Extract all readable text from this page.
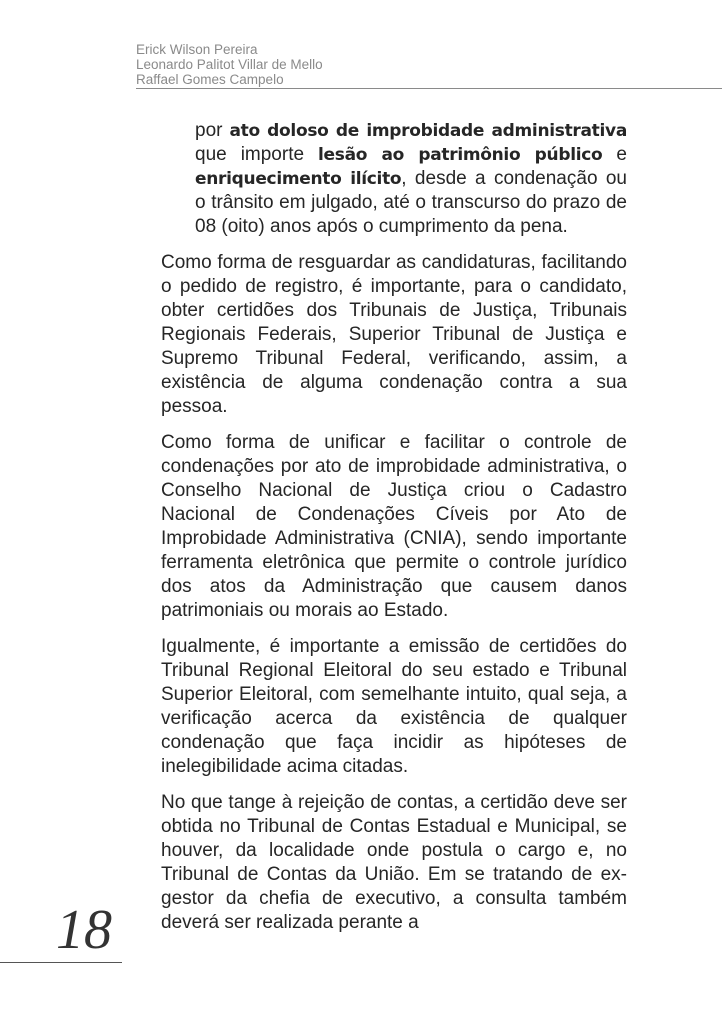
Erick Wilson Pereira
Leonardo Palitot Villar de Mello
Raffael Gomes Campelo

por ato doloso de improbidade administrativa que importe lesão ao patrimônio público e enriquecimento ilícito, desde a condenação ou o trânsito em julgado, até o transcurso do prazo de 08 (oito) anos após o cumprimento da pena.

Como forma de resguardar as candidaturas, facilitando o pedido de registro, é importante, para o candidato, obter certidões dos Tribunais de Justiça, Tribunais Regionais Federais, Superior Tribunal de Justiça e Supremo Tribunal Federal, verificando, assim, a existência de alguma condenação contra a sua pessoa.

Como forma de unificar e facilitar o controle de condenações por ato de improbidade administrativa, o Conselho Nacional de Justiça criou o Cadastro Nacional de Condenações Cíveis por Ato de Improbidade Administrativa (CNIA), sendo importante ferramenta eletrônica que permite o controle jurídico dos atos da Administração que causem danos patrimoniais ou morais ao Estado.

Igualmente, é importante a emissão de certidões do Tribunal Regional Eleitoral do seu estado e Tribunal Superior Eleitoral, com semelhante intuito, qual seja, a verificação acerca da existência de qualquer condenação que faça incidir as hipóteses de inelegibilidade acima citadas.

No que tange à rejeição de contas, a certidão deve ser obtida no Tribunal de Contas Estadual e Municipal, se houver, da localidade onde postula o cargo e, no Tribunal de Contas da União. Em se tratando de ex-gestor da chefia de executivo, a consulta também deverá ser realizada perante a

18
